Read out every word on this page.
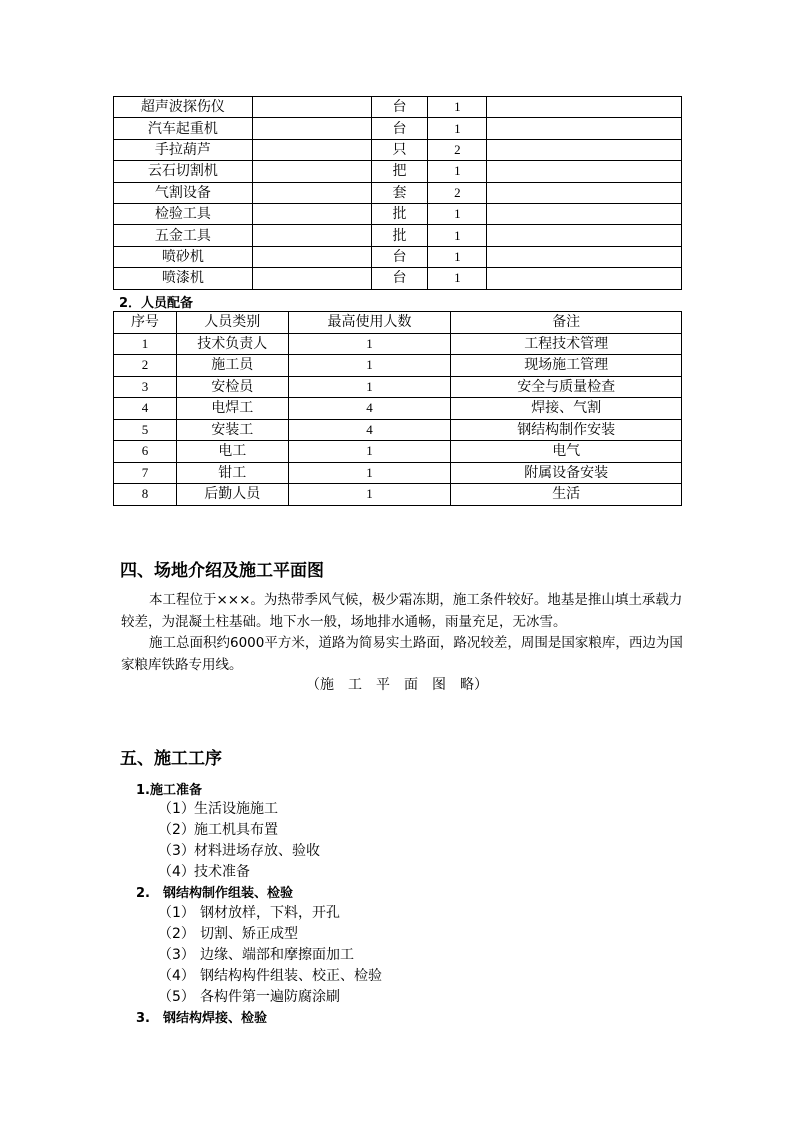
超声波探伤仪		台	1	
汽车起重机		台	1	
手拉葫芦		只	2	
云石切割机		把	1	
气割设备		套	2	
检验工具		批	1	
五金工具		批	1	
喷砂机		台	1	
喷漆机		台	1	
2．人员配备
序号	人员类别	最高使用人数	备注
1	技术负责人	1	工程技术管理
2	施工员	1	现场施工管理
3	安检员	1	安全与质量检查
4	电焊工	4	焊接、气割
5	安装工	4	钢结构制作安装
6	电工	1	电气
7	钳工	1	附属设备安装
8	后勤人员	1	生活
四、场地介绍及施工平面图
本工程位于×××。为热带季风气候，极少霜冻期，施工条件较好。地基是推山填土承载力较差，为混凝土柱基础。地下水一般，场地排水通畅，雨量充足，无冰雪。
施工总面积约6000平方米，道路为简易实土路面，路况较差，周围是国家粮库，西边为国家粮库铁路专用线。
（施　工　平　面　图　略）
五、施工工序
1.施工准备
（1）生活设施施工
（2）施工机具布置
（3）材料进场存放、验收
（4）技术准备
2.　钢结构制作组装、检验
（1） 钢材放样，下料，开孔
（2） 切割、矫正成型
（3） 边缘、端部和摩擦面加工
（4） 钢结构构件组装、校正、检验
（5） 各构件第一遍防腐涂刷
3.　钢结构焊接、检验
